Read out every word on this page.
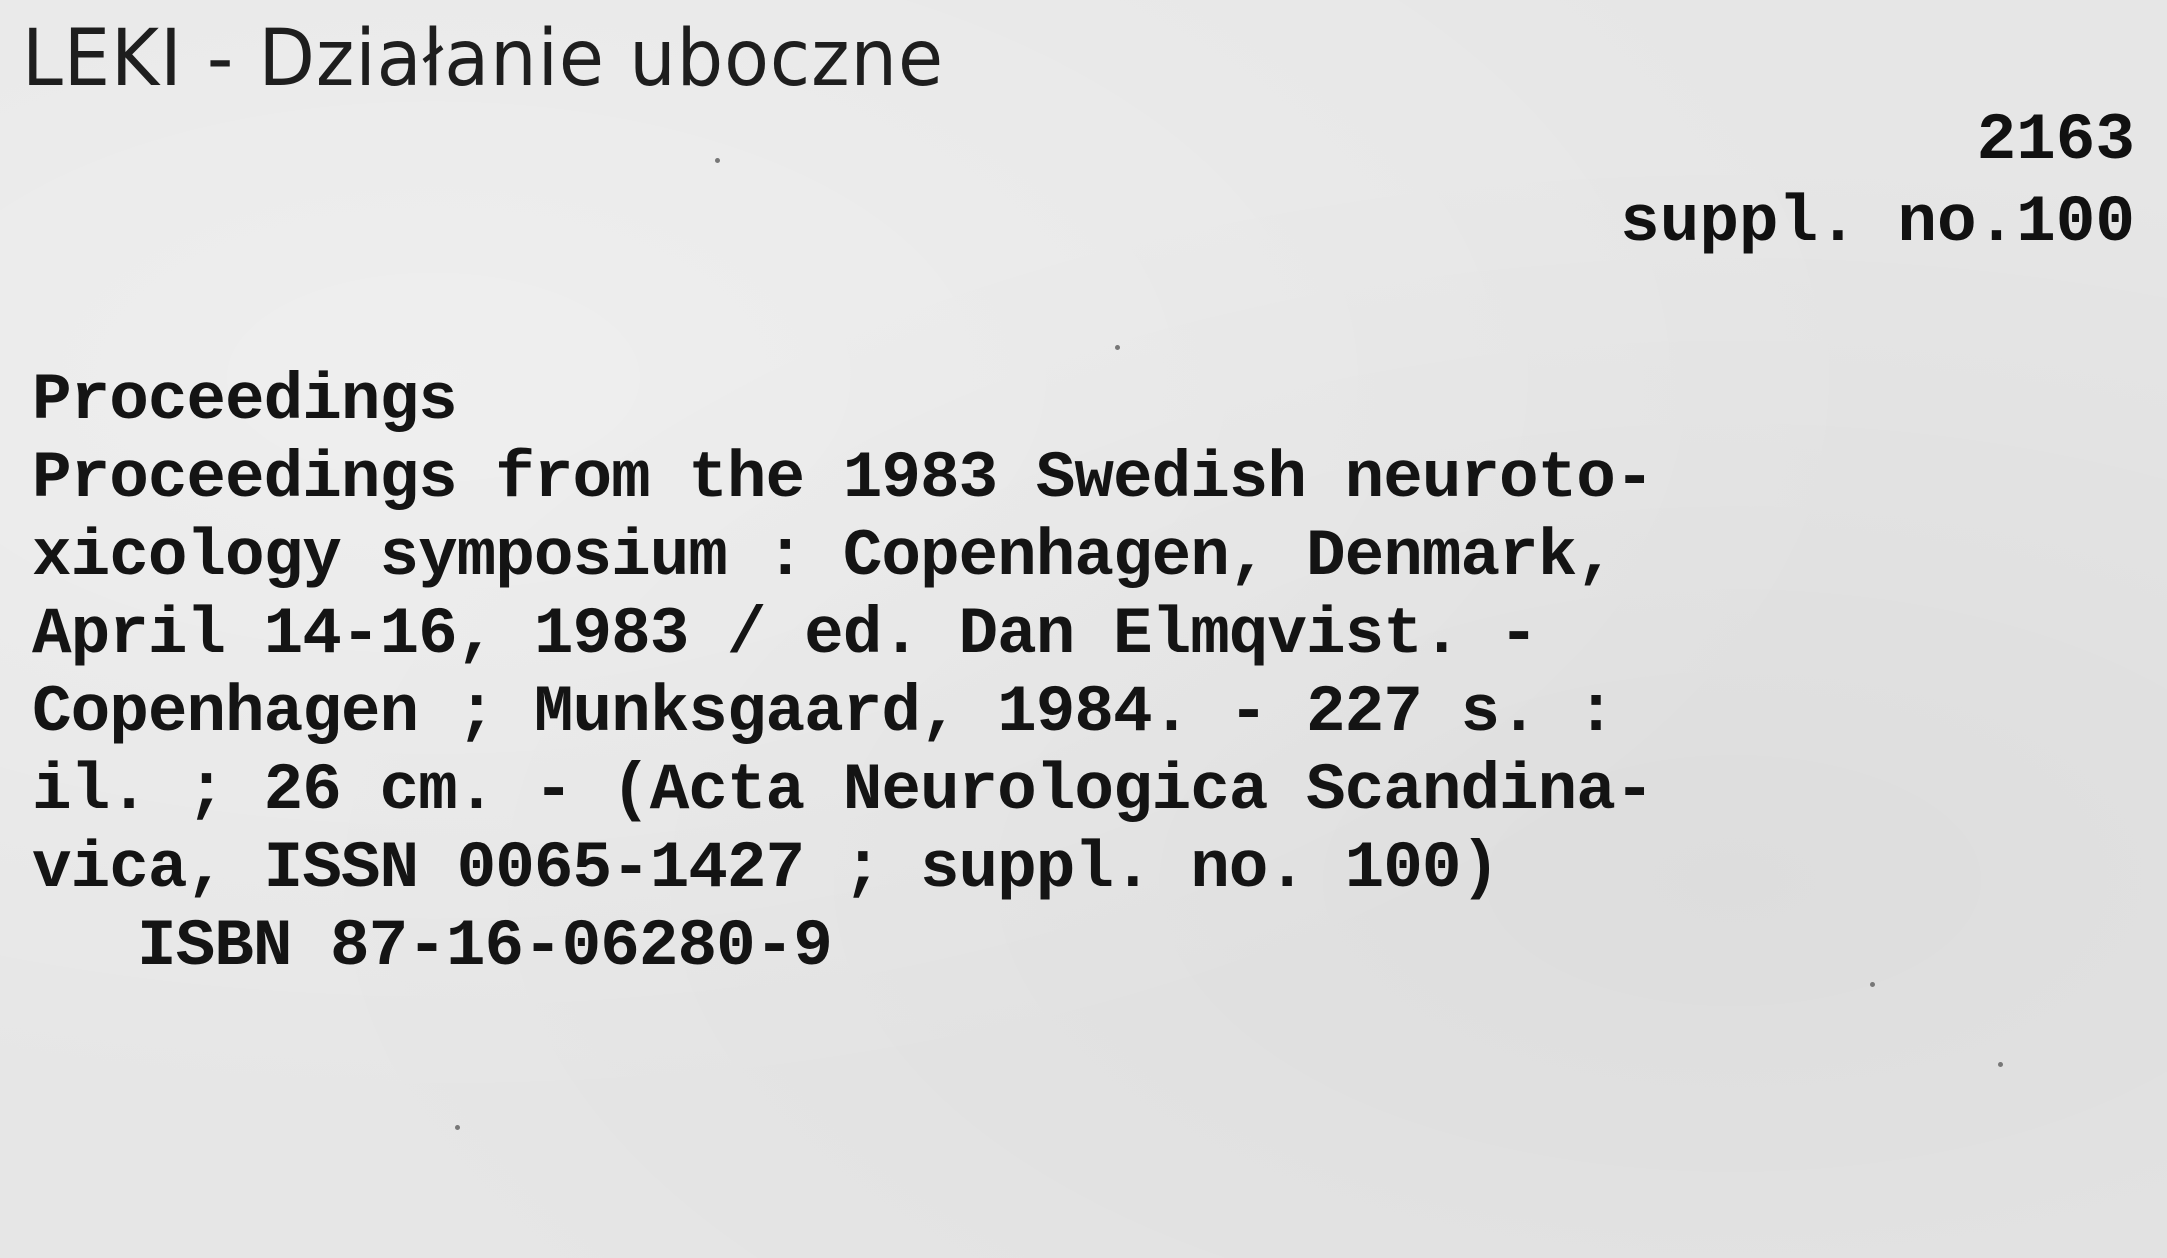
LEKI - Działanie uboczne
2163
suppl. no.100
Proceedings
Proceedings from the 1983 Swedish neuroto-
xicology symposium : Copenhagen, Denmark,
April 14-16, 1983 / ed. Dan Elmqvist. -
Copenhagen ; Munksgaard, 1984. - 227 s. :
il. ; 26 cm. - (Acta Neurologica Scandina-
vica, ISSN 0065-1427 ; suppl. no. 100)
ISBN 87-16-06280-9
